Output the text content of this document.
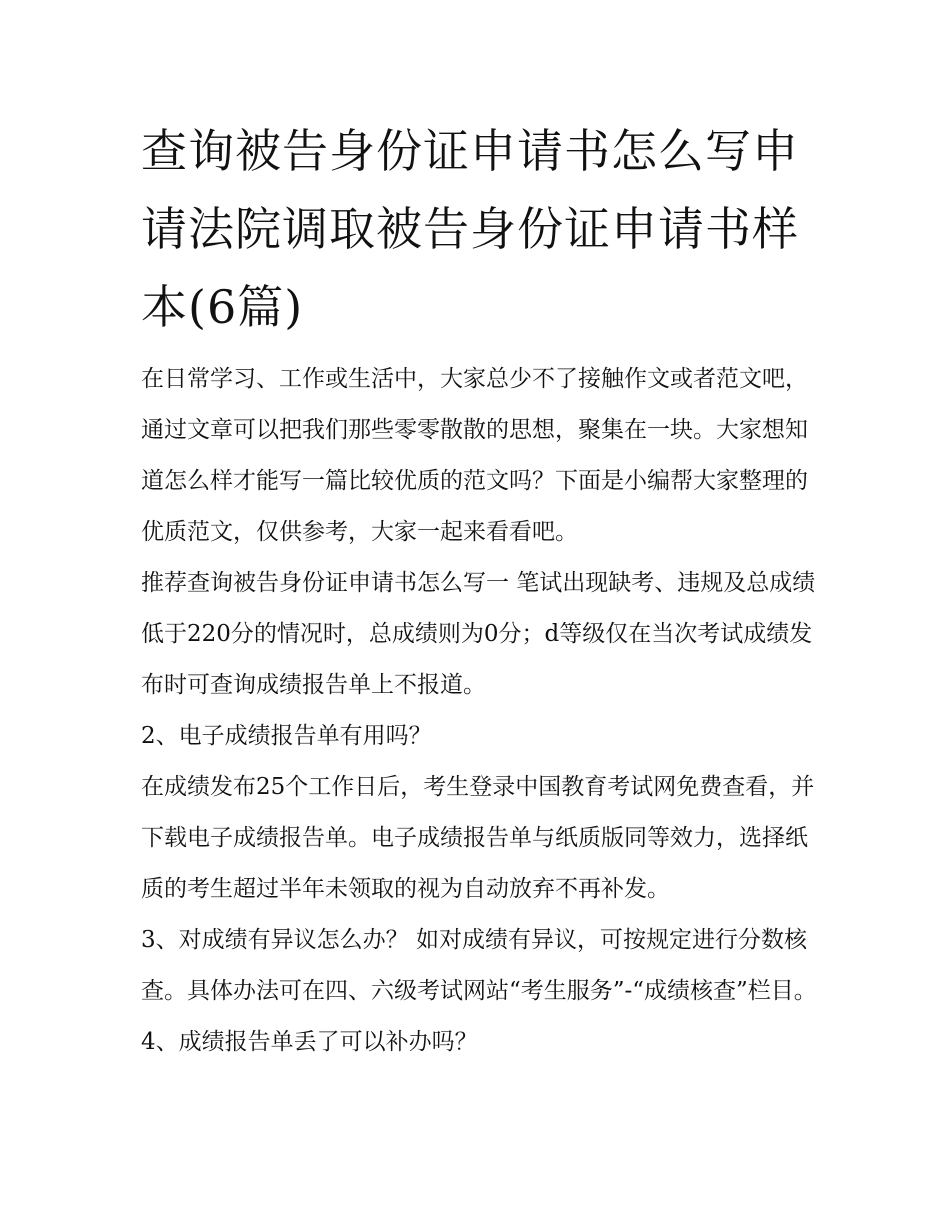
查询被告身份证申请书怎么写申请法院调取被告身份证申请书样本(6篇)

在日常学习、工作或生活中，大家总少不了接触作文或者范文吧，通过文章可以把我们那些零零散散的思想，聚集在一块。大家想知道怎么样才能写一篇比较优质的范文吗？下面是小编帮大家整理的优质范文，仅供参考，大家一起来看看吧。

推荐查询被告身份证申请书怎么写一 笔试出现缺考、违规及总成绩低于220分的情况时，总成绩则为0分；d等级仅在当次考试成绩发布时可查询成绩报告单上不报道。

2、电子成绩报告单有用吗？

在成绩发布25个工作日后，考生登录中国教育考试网免费查看，并下载电子成绩报告单。电子成绩报告单与纸质版同等效力，选择纸质的考生超过半年未领取的视为自动放弃不再补发。

3、对成绩有异议怎么办？ 如对成绩有异议，可按规定进行分数核查。具体办法可在四、六级考试网站“考生服务”-“成绩核查”栏目。 4、成绩报告单丢了可以补办吗？
